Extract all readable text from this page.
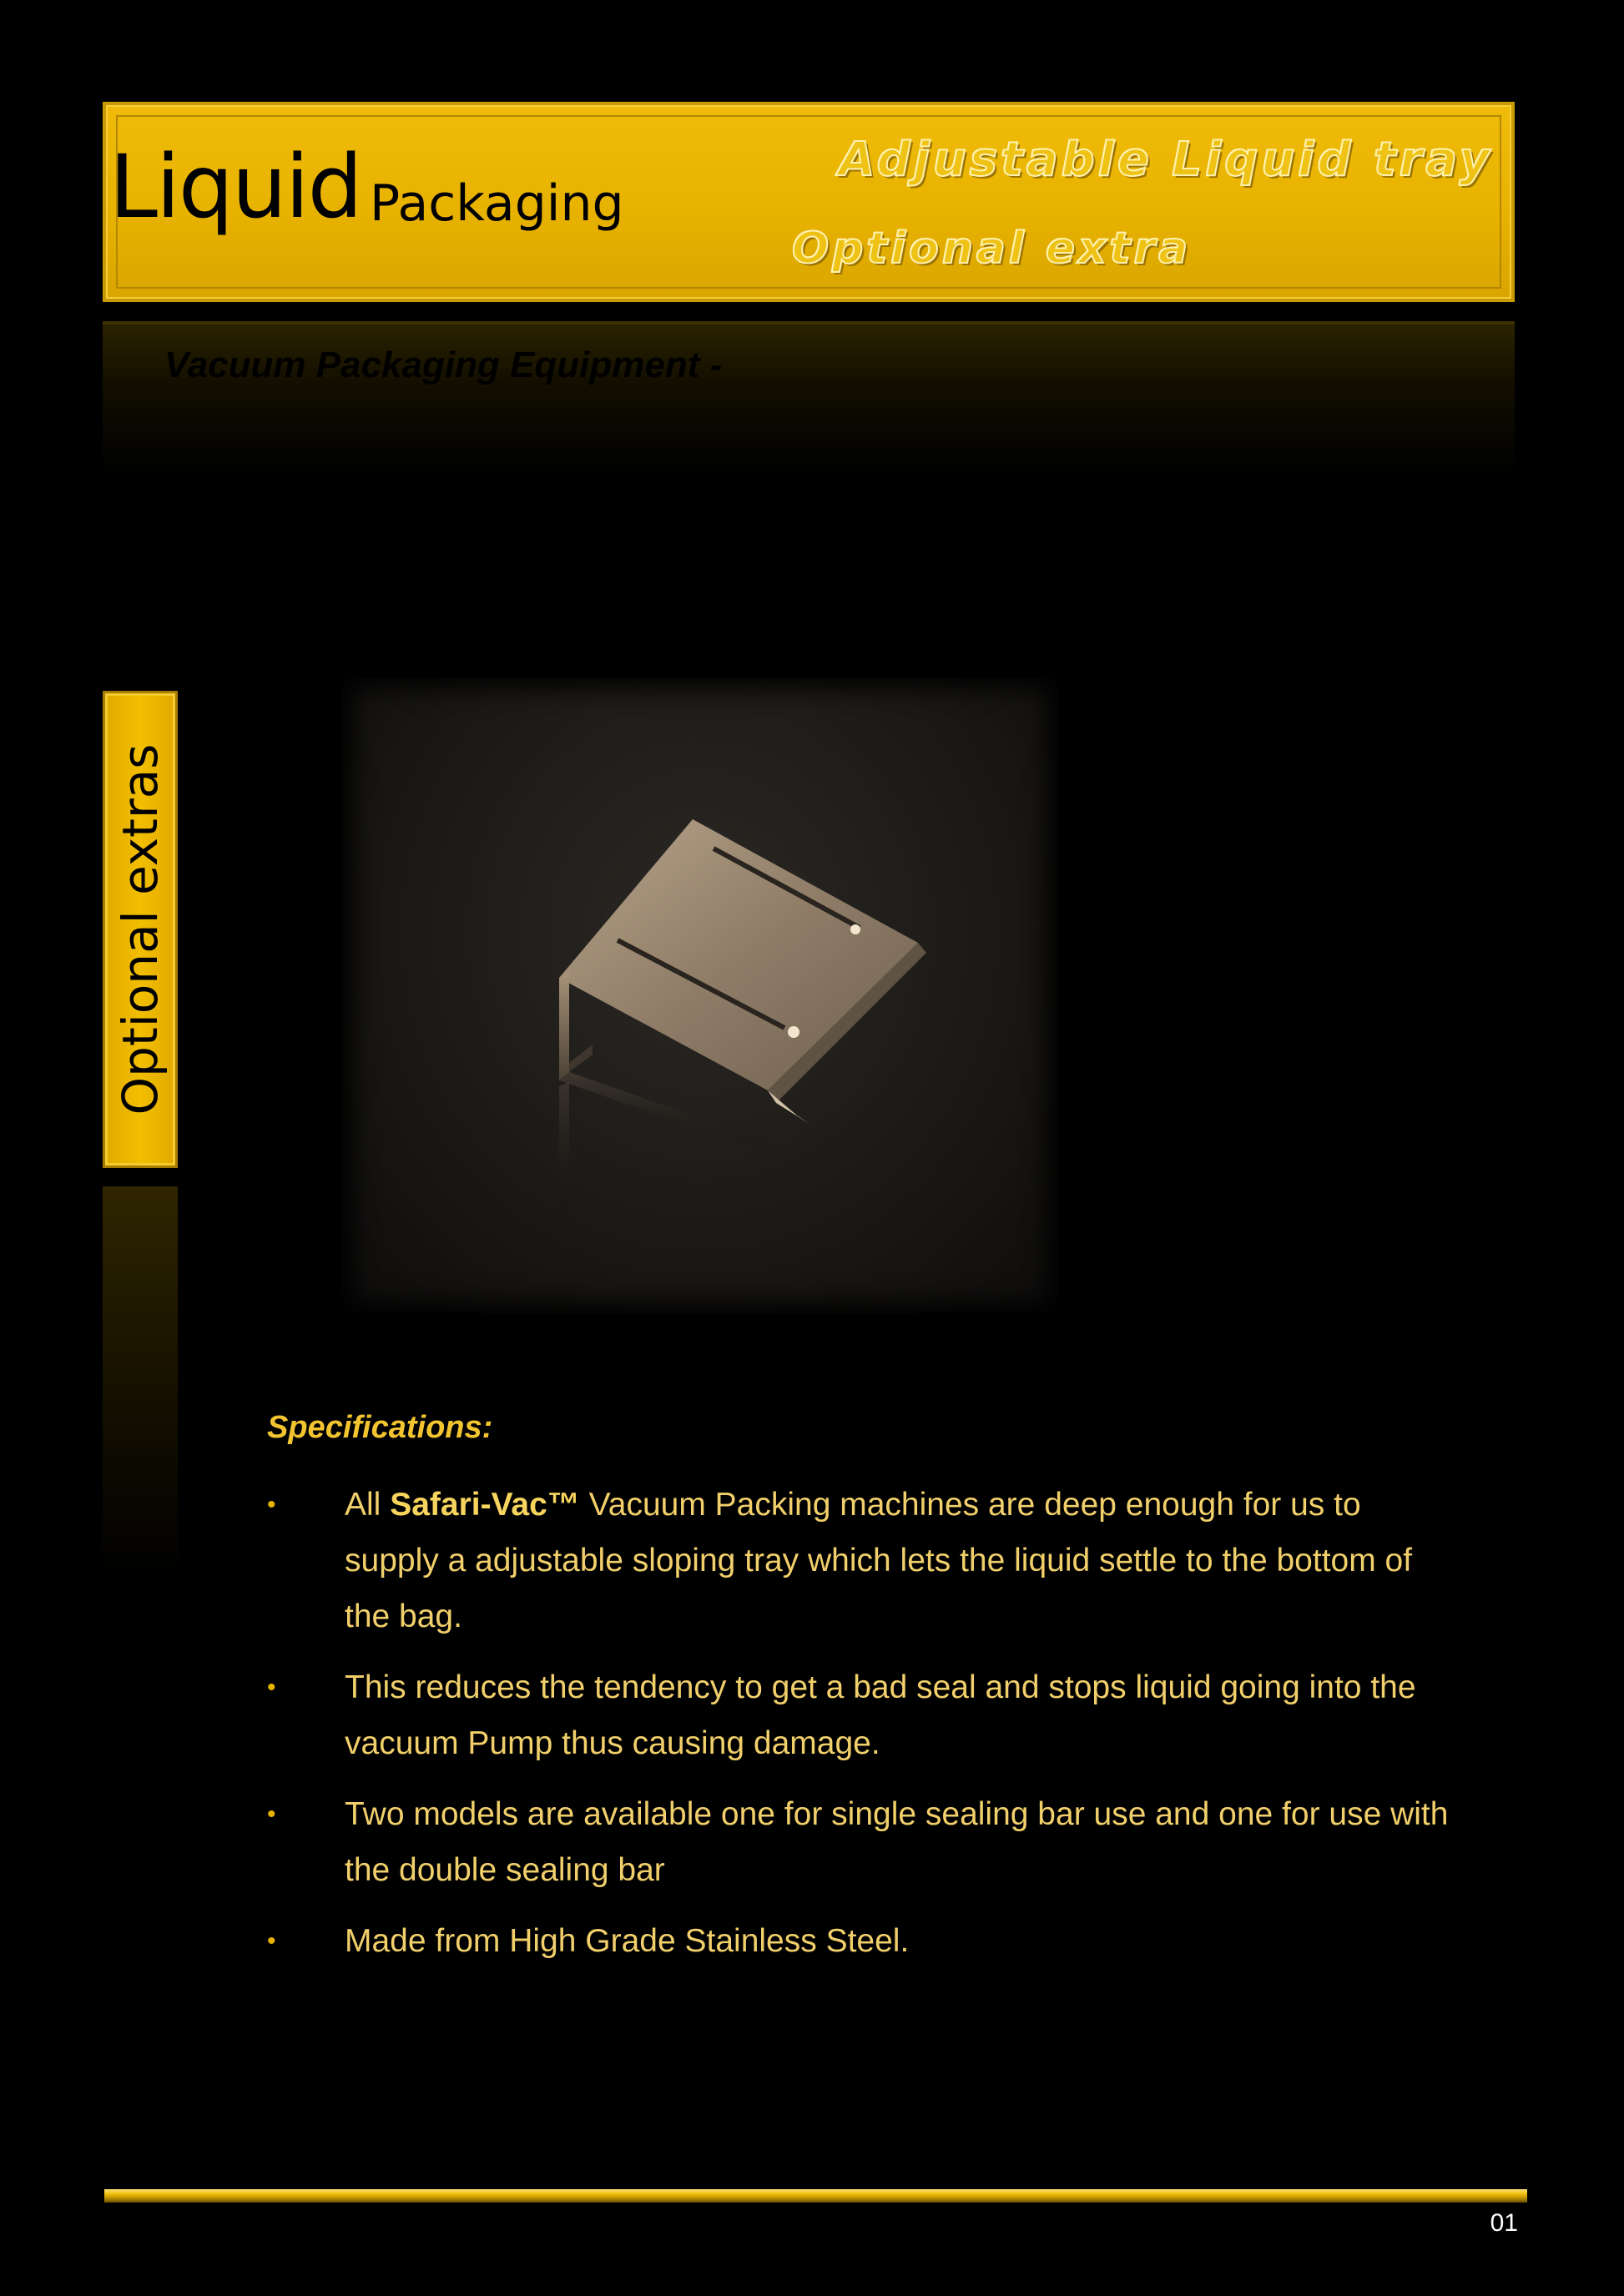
Liquid Packaging
Adjustable Liquid tray
Optional extra
Vacuum Packaging Equipment -
Optional extras
Specifications:
• All Safari-Vac™ Vacuum Packing machines are deep enough for us to supply a adjustable sloping tray which lets the liquid settle to the bottom of the bag.
• This reduces the tendency to get a bad seal and stops liquid going into the vacuum Pump thus causing damage.
• Two models are available one for single sealing bar use and one for use with the double sealing bar
• Made from High Grade Stainless Steel.
01
